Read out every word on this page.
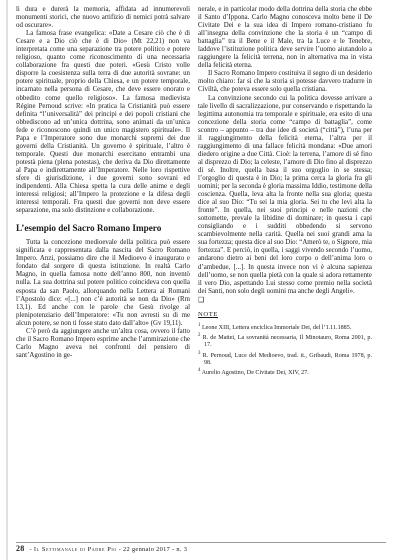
li dura e durerà la memoria, affidata ad innumerevoli monumenti storici, che nuovo artifizio di nemici potrà salvare od oscurare».

La famosa frase evangelica: «Date a Cesare ciò che è di Cesare e a Dio ciò che è di Dio» (Mt 22,21) non va interpretata come una separazione tra potere politico e potere religioso, quanto come riconoscimento di una necessaria collaborazione fra questi due poteri. «Gesù Cristo volle disporre la coesistenza sulla terra di due autorità sovrane: un potere spirituale, proprio della Chiesa, e un potere temporale, incarnato nella persona di Cesare, che deve essere onorato e obbedito come quello religioso». La famosa medievista Régine Pernoud scrive: «In pratica la Cristianità può essere definita “l’universalità” dei principi e dei popoli cristiani che obbediscono ad un’unica dottrina, sono animati da un’unica fede e riconoscono quindi un unico magistero spirituale». Il Papa e l’Imperatore sono due monarchi supremi dei due governi della Cristianità. Un governo è spirituale, l’altro è temporale. Questi due monarchi esercitano entrambi una potestà piena (plena potestas), che deriva da Dio direttamente al Papa e indirettamente all’Imperatore. Nelle loro rispettive sfere di giurisdizione, i due governi sono sovrani ed indipendenti. Alla Chiesa spetta la cura delle anime e degli interessi religiosi; all’Impero la protezione e la difesa degli interessi temporali. Fra questi due governi non deve essere separazione, ma solo distinzione e collaborazione.

L’esempio del Sacro Romano Impero

Tutta la concezione medioevale della politica può essere significata e rappresentata dalla nascita del Sacro Romano Impero. Anzi, possiamo dire che il Medioevo è inaugurato e fondato dal sorgere di questa istituzione. In realtà Carlo Magno, in quella famosa notte dell’anno 800, non inventò nulla. La sua dottrina sul potere politico coincideva con quella esposta da san Paolo, allorquando nella Lettera ai Romani l’Apostolo dice: «[...] non c’è autorità se non da Dio» (Rm 13,1). Ed anche con le parole che Gesù rivolge al plenipotenziario dell’Imperatore: «Tu non avresti su di me alcun potere, se non ti fosse stato dato dall’alto» (Gv 19,11).

C’è però da aggiungere anche un’altra cosa, ovvero il fatto che il Sacro Romano Impero esprime anche l’ammirazione che Carlo Magno aveva nei confronti del pensiero di sant’Agostino in ge-

nerale, e in particolar modo della dottrina della storia che ebbe il Santo d’Ippona. Carlo Magno conosceva molto bene il De Civitate Dei e la sua idea di Impero romano-cristiano fu all’insegna della convinzione che la storia è un “campo di battaglia” tra il Bene e il Male, tra la Luce e le Tenebre, laddove l’istituzione politica deve servire l’uomo aiutandolo a raggiungere la felicità terrena, non in alternativa ma in vista della felicità eterna.

Il Sacro Romano Impero costituiva il segno di un desiderio molto chiaro: far sì che la storia si potesse davvero tradurre in Civiltà, che poteva essere solo quella cristiana.

La convinzione secondo cui la politica dovesse arrivare a tale livello di sacralizzazione, pur conservando e rispettando la legittima autonomia tra temporale e spirituale, era esito di una concezione della storia come “campo di battaglia”, come scontro – appunto – tra due idee di società (“città”), l’una per il raggiungimento della felicità eterna, l’altra per il raggiungimento di una fallace felicità mondana: «Due amori diedero origine a due Città. Cioè: la terrena, l’amore di sé fino al disprezzo di Dio; la celeste, l’amore di Dio fino al disprezzo di sé. Inoltre, quella basa il suo orgoglio in se stessa; l’orgoglio di questa è in Dio; la prima cerca la gloria fra gli uomini; per la seconda è gloria massima Iddio, testimone della coscienza. Quella, leva alta la fronte nella sua gloria; questa dice al suo Dio: “Tu sei la mia gloria. Sei tu che levi alta la fronte”. In quella, nei suoi principi e nelle nazioni che sottomette, prevale la libidine di dominare; in questa i capi consigliando e i sudditi obbedendo si servono scambievolmente nella carità. Quella nei suoi grandi ama la sua fortezza; questa dice al suo Dio: “Amerò te, o Signore, mia fortezza”. E perciò, in quella, i saggi vivendo secondo l’uomo, andarono dietro ai beni del loro corpo o dell’anima loro o d’ambedue, [...]. In questa invece non vi è alcuna sapienza dell’uomo, se non quella pietà con la quale si adora rettamente il vero Dio, aspettando Lui stesso come premio nella società dei Santi, non solo degli uomini ma anche degli Angeli».

❑
NOTE
$^1$ Leone XIII, Lettera enciclica Immortale Dei, del l’1.11.1885.
$^2$ R. de Mattei, La sovranità necessaria, Il Minotauro, Roma 2001, p. 17.
$^3$ R. Pernoud, Luce del Medioevo, trad. it., Gribaudi, Roma 1978, p. 98.
$^4$ Aurelio Agostino, De Civitate Dei, XIV, 27.
28 - Il Settimanale di Padre Pio - 22 gennaio 2017 - n. 3
